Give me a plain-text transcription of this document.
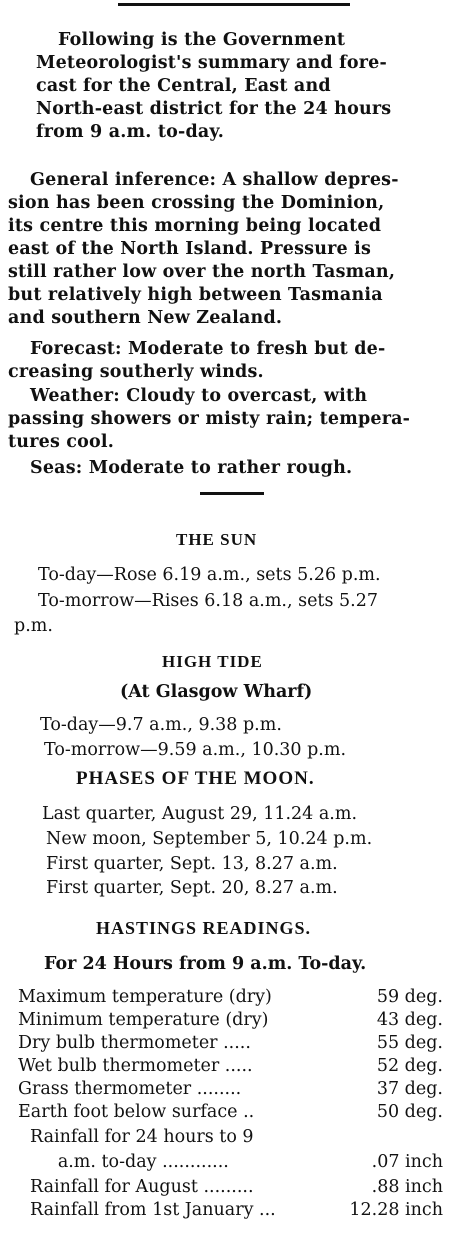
Following is the Government
Meteorologist's summary and fore-
cast for the Central, East and
North-east district for the 24 hours
from 9 a.m. to-day.
General inference: A shallow depres-
sion has been crossing the Dominion,
its centre this morning being located
east of the North Island. Pressure is
still rather low over the north Tasman,
but relatively high between Tasmania
and southern New Zealand.
Forecast: Moderate to fresh but de-
creasing southerly winds.
Weather: Cloudy to overcast, with
passing showers or misty rain; tempera-
tures cool.
Seas: Moderate to rather rough.
THE SUN
To-day—Rose 6.19 a.m., sets 5.26 p.m.
To-morrow—Rises 6.18 a.m., sets 5.27
p.m.
HIGH TIDE
(At Glasgow Wharf)
To-day—9.7 a.m., 9.38 p.m.
To-morrow—9.59 a.m., 10.30 p.m.
PHASES OF THE MOON.
Last quarter, August 29, 11.24 a.m.
New moon, September 5, 10.24 p.m.
First quarter, Sept. 13, 8.27 a.m.
First quarter, Sept. 20, 8.27 a.m.
HASTINGS READINGS.
For 24 Hours from 9 a.m. To-day.
Maximum temperature (dry)	59 deg.
Minimum temperature (dry)	43 deg.
Dry bulb thermometer .....	55 deg.
Wet bulb thermometer .....	52 deg.
Grass thermometer ........	37 deg.
Earth foot below surface ..	50 deg.
Rainfall for 24 hours to 9
a.m. to-day ............	.07 inch
Rainfall for August .........	.88 inch
Rainfall from 1st January ...	12.28 inch
